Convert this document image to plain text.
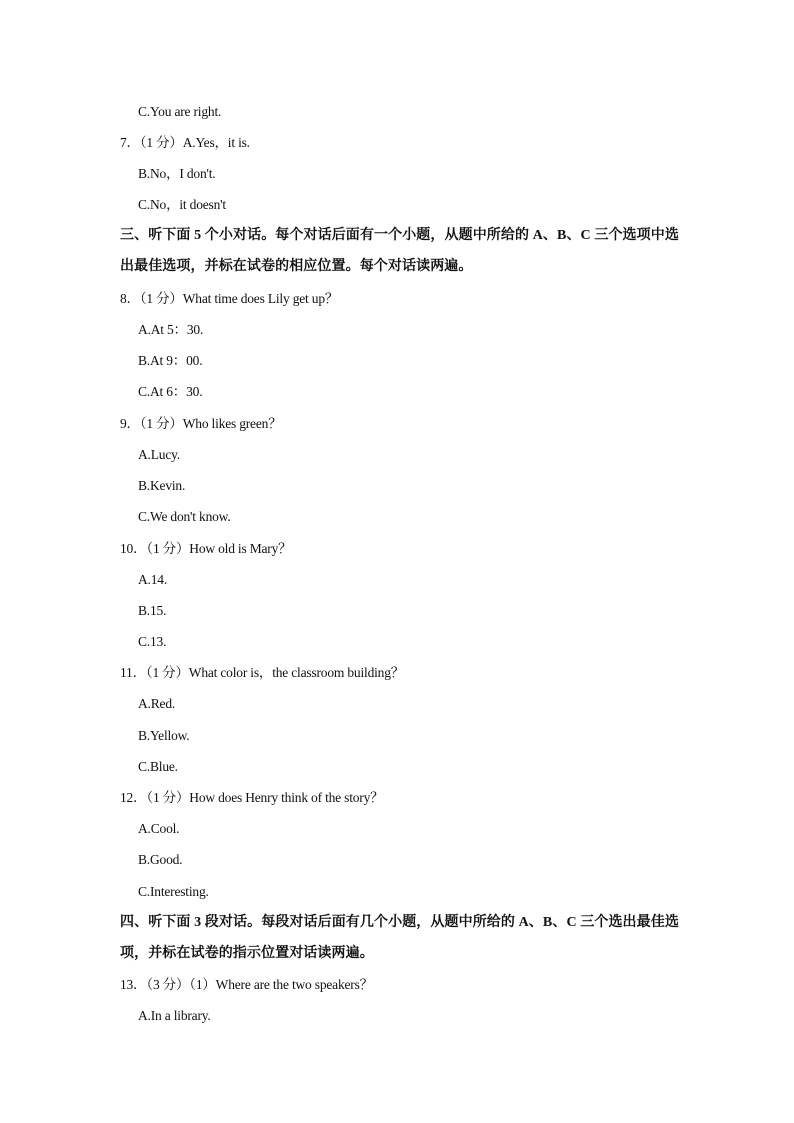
C.You are right.
7．（1 分）A.Yes，it is.
B.No，I don't.
C.No，it doesn't
三、听下面 5 个小对话。每个对话后面有一个小题，从题中所给的 A、B、C 三个选项中选
出最佳选项，并标在试卷的相应位置。每个对话读两遍。
8．（1 分）What time does Lily get up？
A.At 5：30.
B.At 9：00.
C.At 6：30.
9．（1 分）Who likes green？
A.Lucy.
B.Kevin.
C.We don't know.
10．（1 分）How old is Mary？
A.14.
B.15.
C.13.
11．（1 分）What color is，the classroom building？
A.Red.
B.Yellow.
C.Blue.
12．（1 分）How does Henry think of the story？
A.Cool.
B.Good.
C.Interesting.
四、听下面 3 段对话。每段对话后面有几个小题，从题中所给的 A、B、C 三个选出最佳选
项，并标在试卷的指示位置对话读两遍。
13．（3 分）（1）Where are the two speakers？
A.In a library.
